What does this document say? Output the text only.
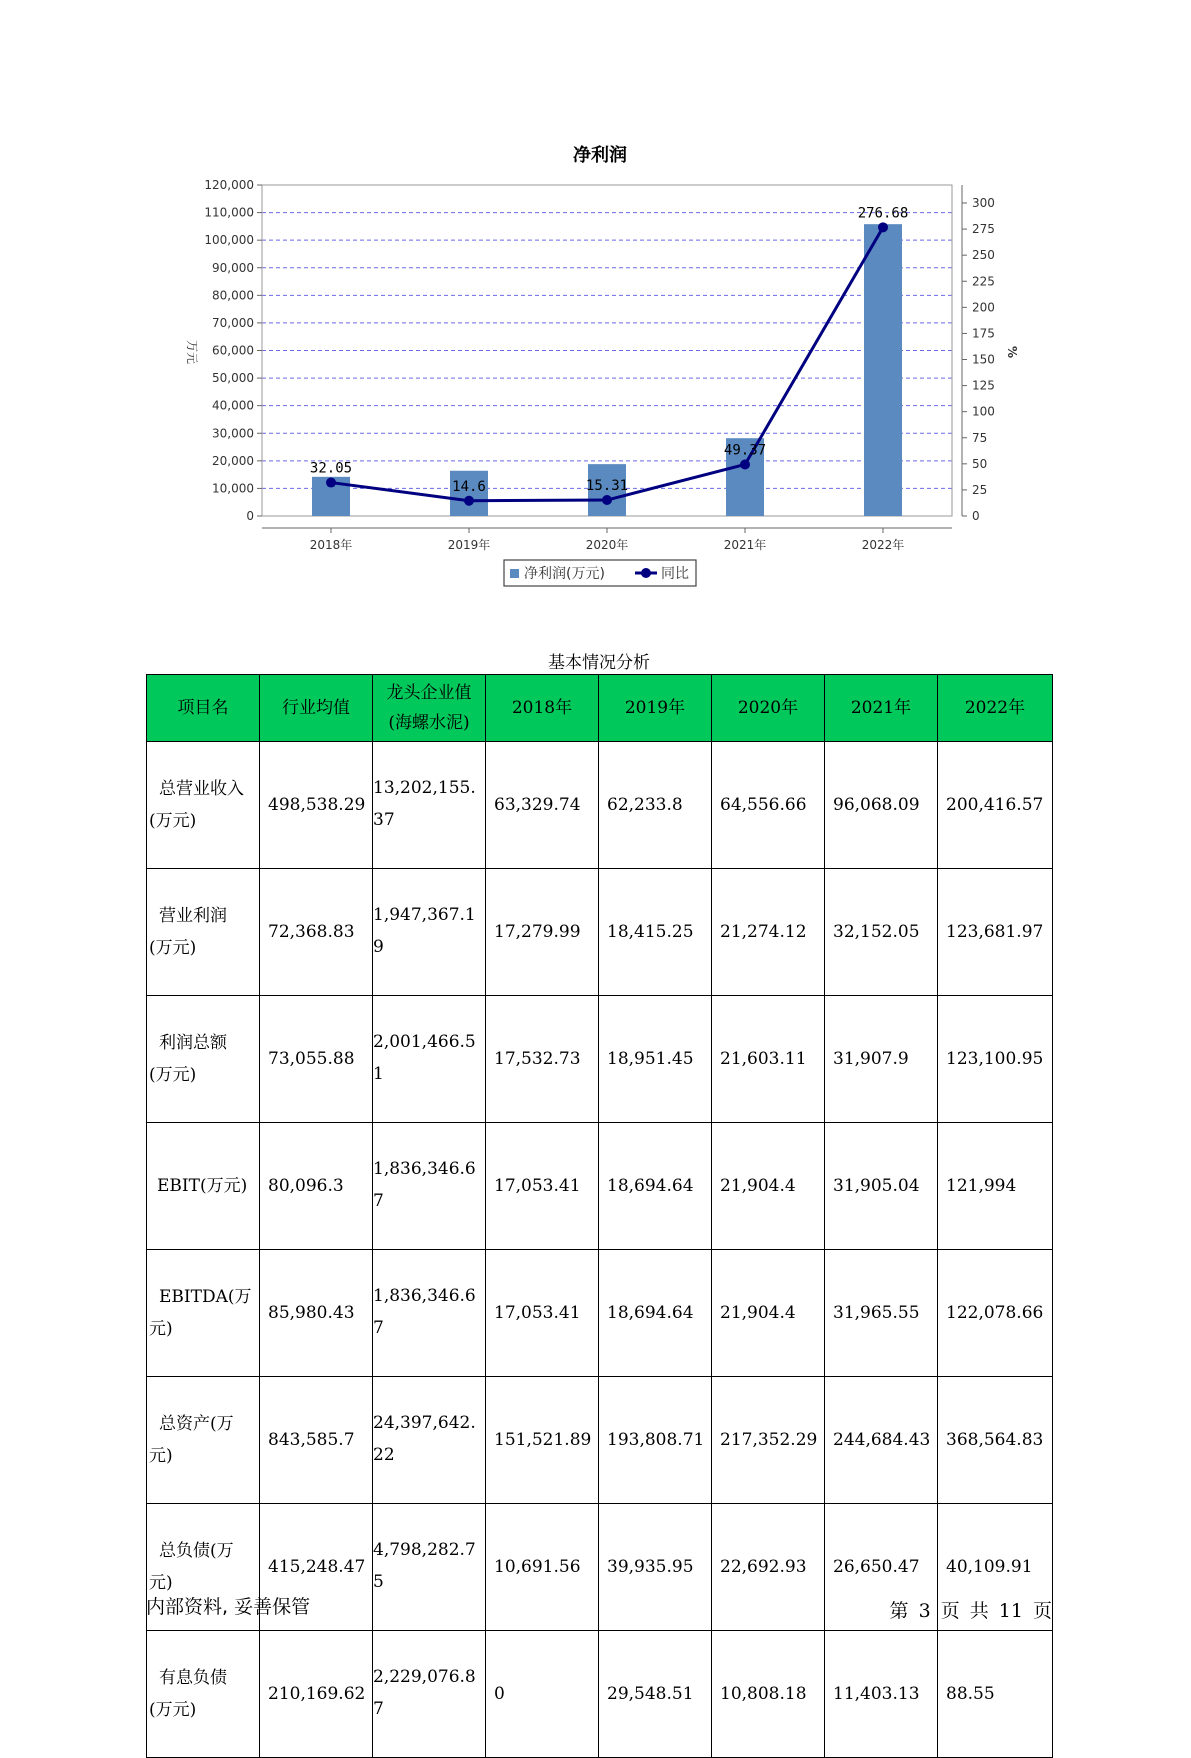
净利润
万元	%
0
10,000
20,000
30,000
40,000
50,000
60,000
70,000
80,000
90,000
100,000
110,000
120,000
0
25
50
75
100
125
150
175
200
225
250
275
300
2018年	2019年	2020年	2021年	2022年
32.05
14.6	15.31
49.37
276.68
净利润(万元)	同比
基本情况分析
项目名	行业均值	龙头企业值(海螺水泥)	2018年	2019年	2020年	2021年	2022年

总营业收入
(万元)	498,538.29	13,202,155.37	63,329.74	62,233.8	64,556.66	96,068.09	200,416.57

营业利润
(万元)	72,368.83	1,947,367.19	17,279.99	18,415.25	21,274.12	32,152.05	123,681.97

利润总额
(万元)	73,055.88	2,001,466.51	17,532.73	18,951.45	21,603.11	31,907.9	123,100.95

EBIT(万元)	80,096.3	1,836,346.67	17,053.41	18,694.64	21,904.4	31,905.04	121,994

EBITDA(万
元)	85,980.43	1,836,346.67	17,053.41	18,694.64	21,904.4	31,965.55	122,078.66

总资产(万
元)	843,585.7	24,397,642.22	151,521.89	193,808.71	217,352.29	244,684.43	368,564.83

总负债(万
元)	415,248.47	4,798,282.75	10,691.56	39,935.95	22,692.93	26,650.47	40,109.91

有息负债
(万元)	210,169.62	2,229,076.87	0	29,548.51	10,808.18	11,403.13	88.55
内部资料, 妥善保管	第 3 页 共 11 页
